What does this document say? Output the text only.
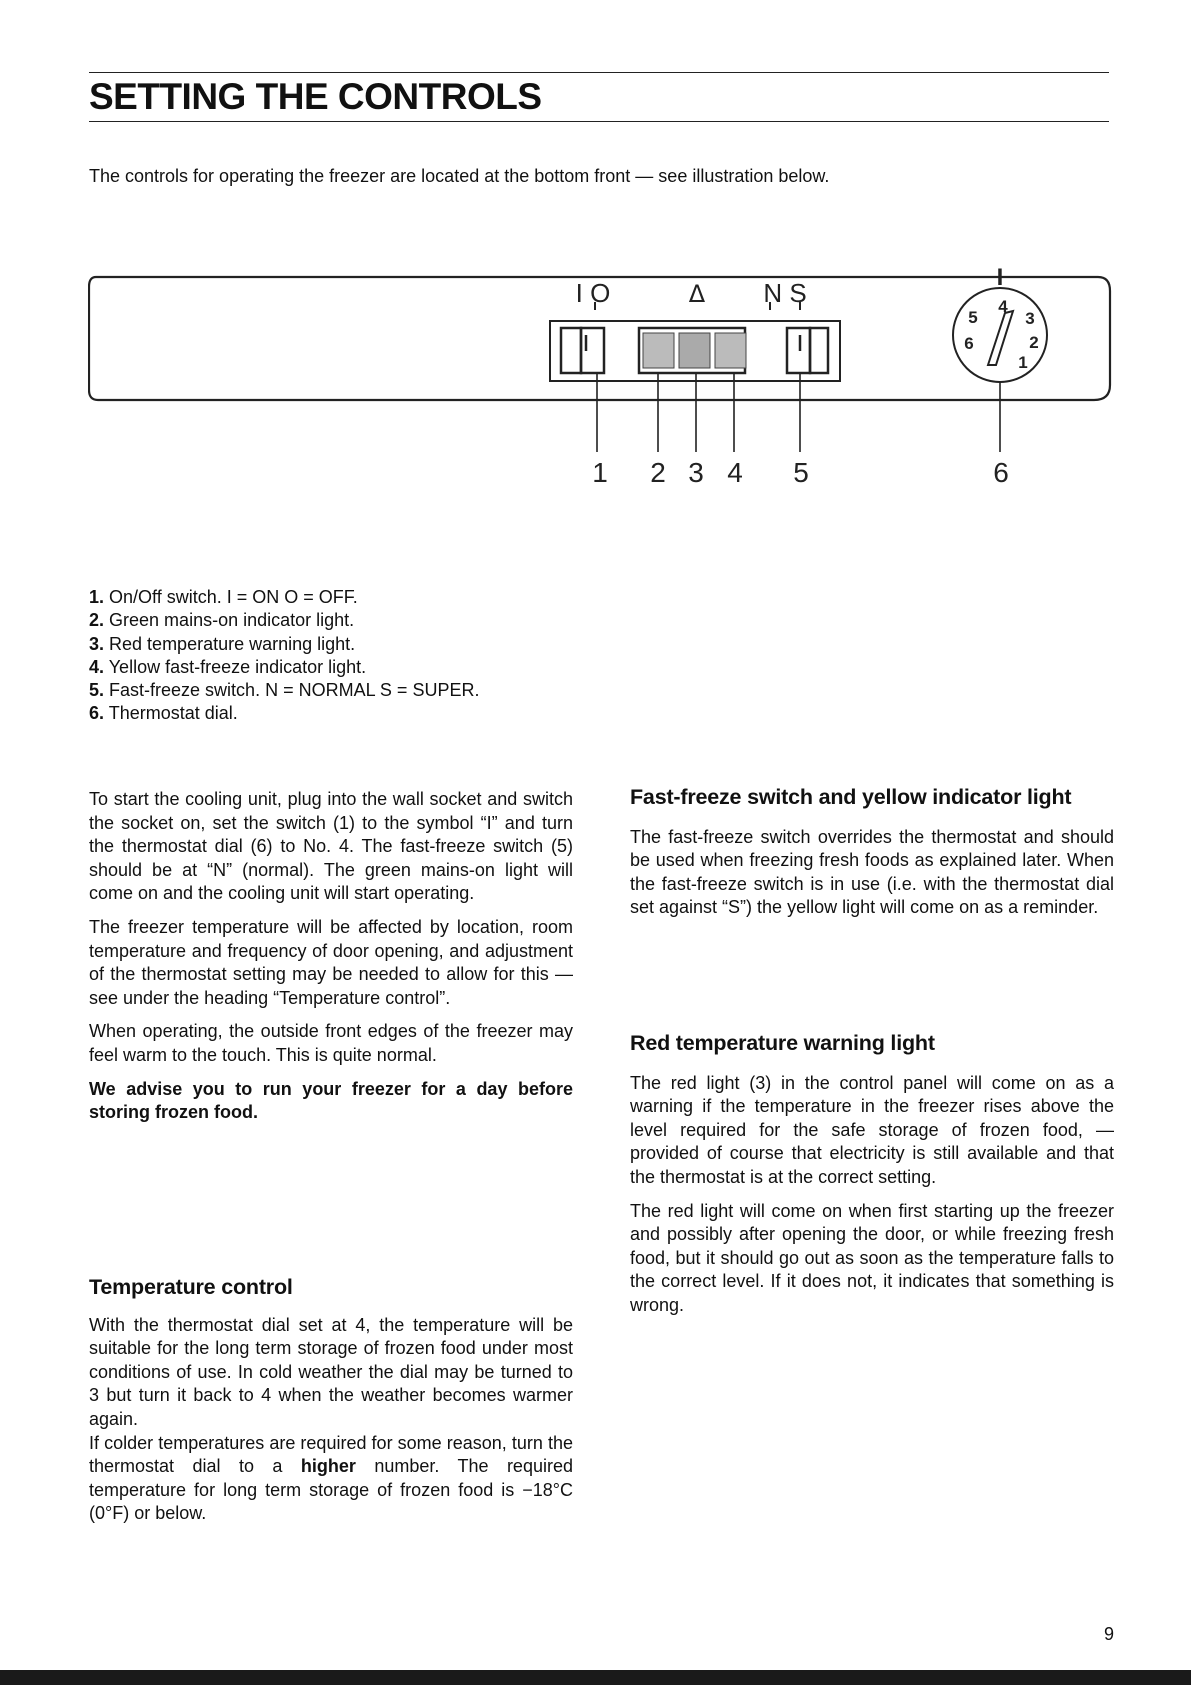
SETTING THE CONTROLS

The controls for operating the freezer are located at the bottom front — see illustration below.

I O	Δ N S
I
4
3
2
1
6
5
1 2 3 4 5	6
1. On/Off switch. I = ON O = OFF.
2. Green mains-on indicator light.
3. Red temperature warning light.
4. Yellow fast-freeze indicator light.
5. Fast-freeze switch. N = NORMAL S = SUPER.
6. Thermostat dial.

To start the cooling unit, plug into the wall socket and switch the socket on, set the switch (1) to the symbol “I” and turn the thermostat dial (6) to No. 4. The fast-freeze switch (5) should be at “N” (normal). The green mains-on light will come on and the cooling unit will start operating.

The freezer temperature will be affected by location, room temperature and frequency of door opening, and adjustment of the thermostat setting may be needed to allow for this — see under the heading “Temperature control”.

When operating, the outside front edges of the freezer may feel warm to the touch. This is quite normal.

We advise you to run your freezer for a day before storing frozen food.

Temperature control

With the thermostat dial set at 4, the temperature will be suitable for the long term storage of frozen food under most conditions of use. In cold weather the dial may be turned to 3 but turn it back to 4 when the weather becomes warmer again.

If colder temperatures are required for some reason, turn the thermostat dial to a higher number. The required temperature for long term storage of frozen food is −18°C (0°F) or below.

Fast-freeze switch and yellow indicator light

The fast-freeze switch overrides the thermostat and should be used when freezing fresh foods as explained later. When the fast-freeze switch is in use (i.e. with the thermostat dial set against “S”) the yellow light will come on as a reminder.

Red temperature warning light

The red light (3) in the control panel will come on as a warning if the temperature in the freezer rises above the level required for the safe storage of frozen food, — provided of course that electricity is still available and that the thermostat is at the correct setting.

The red light will come on when first starting up the freezer and possibly after opening the door, or while freezing fresh food, but it should go out as soon as the temperature falls to the correct level. If it does not, it indicates that something is wrong.

9
